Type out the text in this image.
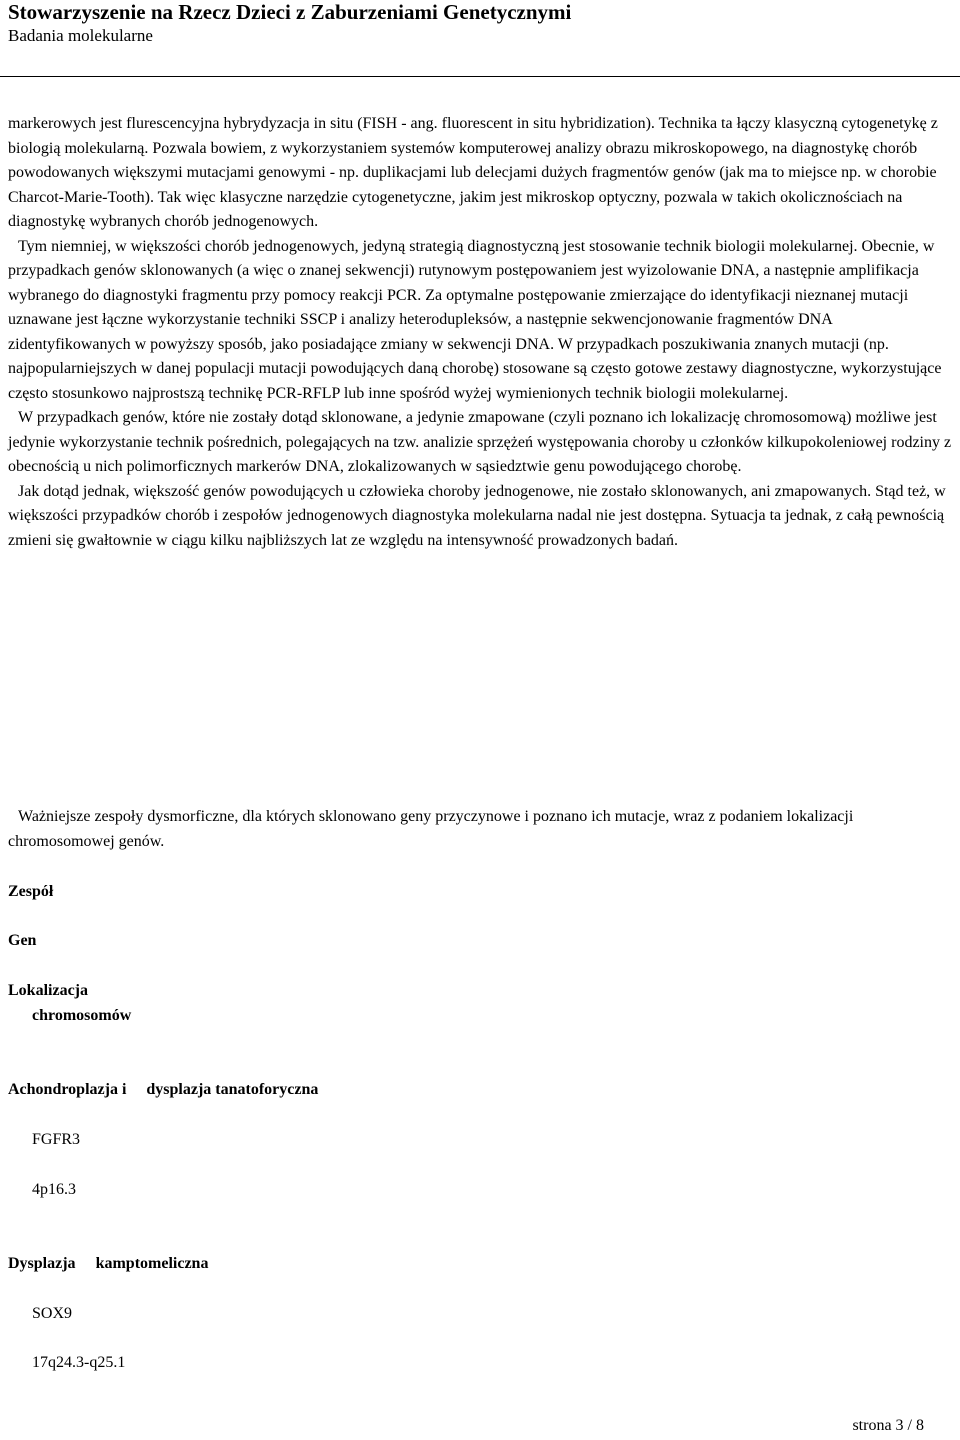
Stowarzyszenie na Rzecz Dzieci z Zaburzeniami Genetycznymi
Badania molekularne

markerowych jest flurescencyjna hybrydyzacja in situ (FISH - ang. fluorescent in situ hybridization). Technika ta łączy klasyczną cytogenetykę z biologią molekularną. Pozwala bowiem, z wykorzystaniem systemów komputerowej analizy obrazu mikroskopowego, na diagnostykę chorób powodowanych większymi mutacjami genowymi - np. duplikacjami lub delecjami dużych fragmentów genów (jak ma to miejsce np. w chorobie Charcot-Marie-Tooth). Tak więc klasyczne narzędzie cytogenetyczne, jakim jest mikroskop optyczny, pozwala w takich okolicznościach na diagnostykę wybranych chorób jednogenowych.

Tym niemniej, w większości chorób jednogenowych, jedyną strategią diagnostyczną jest stosowanie technik biologii molekularnej. Obecnie, w przypadkach genów sklonowanych (a więc o znanej sekwencji) rutynowym postępowaniem jest wyizolowanie DNA, a następnie amplifikacja wybranego do diagnostyki fragmentu przy pomocy reakcji PCR. Za optymalne postępowanie zmierzające do identyfikacji nieznanej mutacji uznawane jest łączne wykorzystanie techniki SSCP i analizy heterodupleksów, a następnie sekwencjonowanie fragmentów DNA zidentyfikowanych w powyższy sposób, jako posiadające zmiany w sekwencji DNA. W przypadkach poszukiwania znanych mutacji (np. najpopularniejszych w danej populacji mutacji powodujących daną chorobę) stosowane są często gotowe zestawy diagnostyczne, wykorzystujące często stosunkowo najprostszą technikę PCR-RFLP lub inne spośród wyżej wymienionych technik biologii molekularnej.

W przypadkach genów, które nie zostały dotąd sklonowane, a jedynie zmapowane (czyli poznano ich lokalizację chromosomową) możliwe jest jedynie wykorzystanie technik pośrednich, polegających na tzw. analizie sprzężeń występowania choroby u członków kilkupokoleniowej rodziny z obecnością u nich polimorficznych markerów DNA, zlokalizowanych w sąsiedztwie genu powodującego chorobę.

Jak dotąd jednak, większość genów powodujących u człowieka choroby jednogenowe, nie zostało sklonowanych, ani zmapowanych. Stąd też, w większości przypadków chorób i zespołów jednogenowych diagnostyka molekularna nadal nie jest dostępna. Sytuacja ta jednak, z całą pewnością zmieni się gwałtownie w ciągu kilku najbliższych lat ze względu na intensywność prowadzonych badań.

Ważniejsze zespoły dysmorficzne, dla których sklonowano geny przyczynowe i poznano ich mutacje, wraz z podaniem lokalizacji chromosomowej genów.
Zespół
Gen
Lokalizacja
chromosomów
Achondroplazja i dysplazja tanatoforyczna
FGFR3
4p16.3
Dysplazja kamptomeliczna
SOX9
17q24.3-q25.1
strona 3 / 8
